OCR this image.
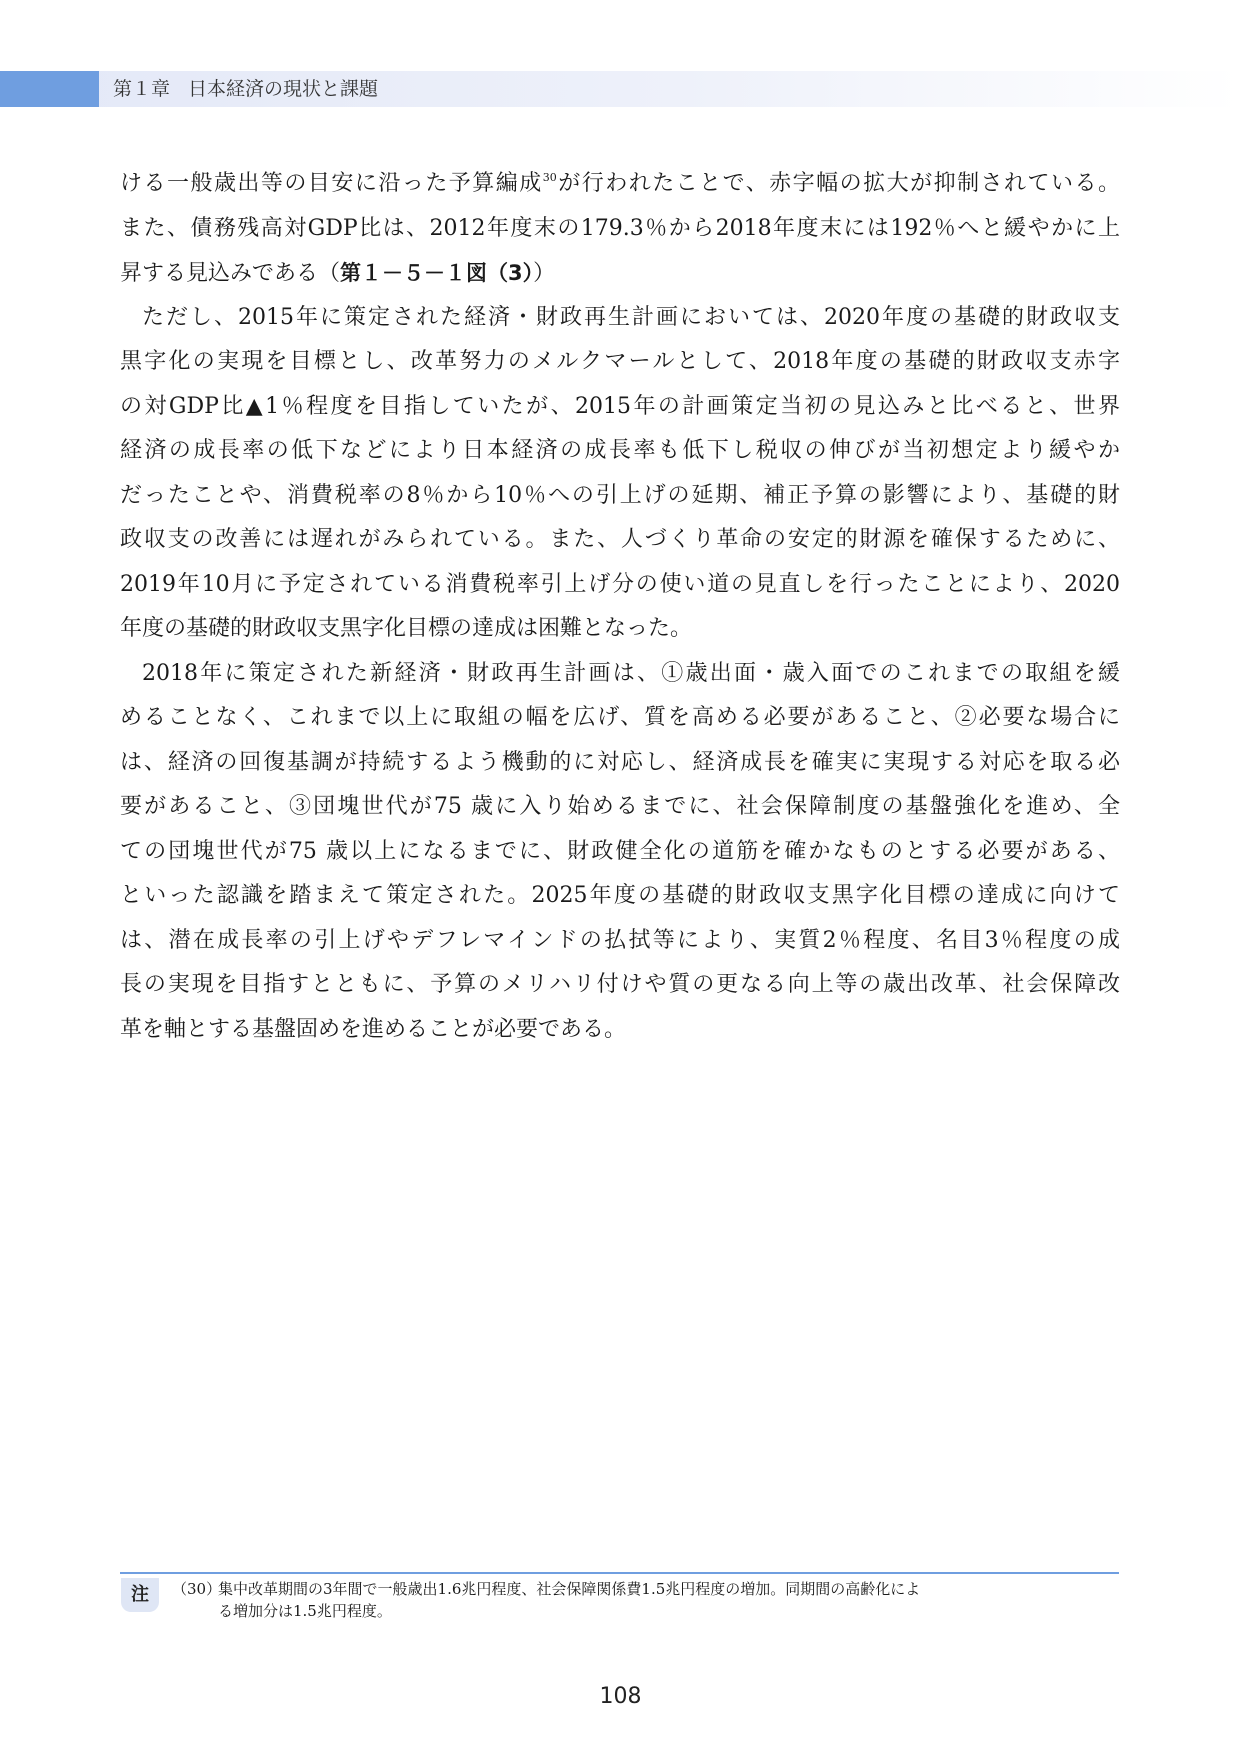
第１章 日本経済の現状と課題
ける一般歳出等の目安に沿った予算編成$^{30}$が行われたことで、赤字幅の拡大が抑制されている。
また、債務残高対GDP比は、2012年度末の179.3％から2018年度末には192％へと緩やかに上
昇する見込みである（第１－５－１図（3））
ただし、2015年に策定された経済・財政再生計画においては、2020年度の基礎的財政収支
黒字化の実現を目標とし、改革努力のメルクマールとして、2018年度の基礎的財政収支赤字
の対GDP比▲1％程度を目指していたが、2015年の計画策定当初の見込みと比べると、世界
経済の成長率の低下などにより日本経済の成長率も低下し税収の伸びが当初想定より緩やか
だったことや、消費税率の8％から10％への引上げの延期、補正予算の影響により、基礎的財
政収支の改善には遅れがみられている。また、人づくり革命の安定的財源を確保するために、
2019年10月に予定されている消費税率引上げ分の使い道の見直しを行ったことにより、2020
年度の基礎的財政収支黒字化目標の達成は困難となった。
2018年に策定された新経済・財政再生計画は、①歳出面・歳入面でのこれまでの取組を緩
めることなく、これまで以上に取組の幅を広げ、質を高める必要があること、②必要な場合に
は、経済の回復基調が持続するよう機動的に対応し、経済成長を確実に実現する対応を取る必
要があること、③団塊世代が75 歳に入り始めるまでに、社会保障制度の基盤強化を進め、全
ての団塊世代が75 歳以上になるまでに、財政健全化の道筋を確かなものとする必要がある、
といった認識を踏まえて策定された。2025年度の基礎的財政収支黒字化目標の達成に向けて
は、潜在成長率の引上げやデフレマインドの払拭等により、実質2％程度、名目3％程度の成
長の実現を目指すとともに、予算のメリハリ付けや質の更なる向上等の歳出改革、社会保障改
革を軸とする基盤固めを進めることが必要である。
注	（30）
集中改革期間の3年間で一般歳出1.6兆円程度、社会保障関係費1.5兆円程度の増加。同期間の高齢化によ
る増加分は1.5兆円程度。
108
